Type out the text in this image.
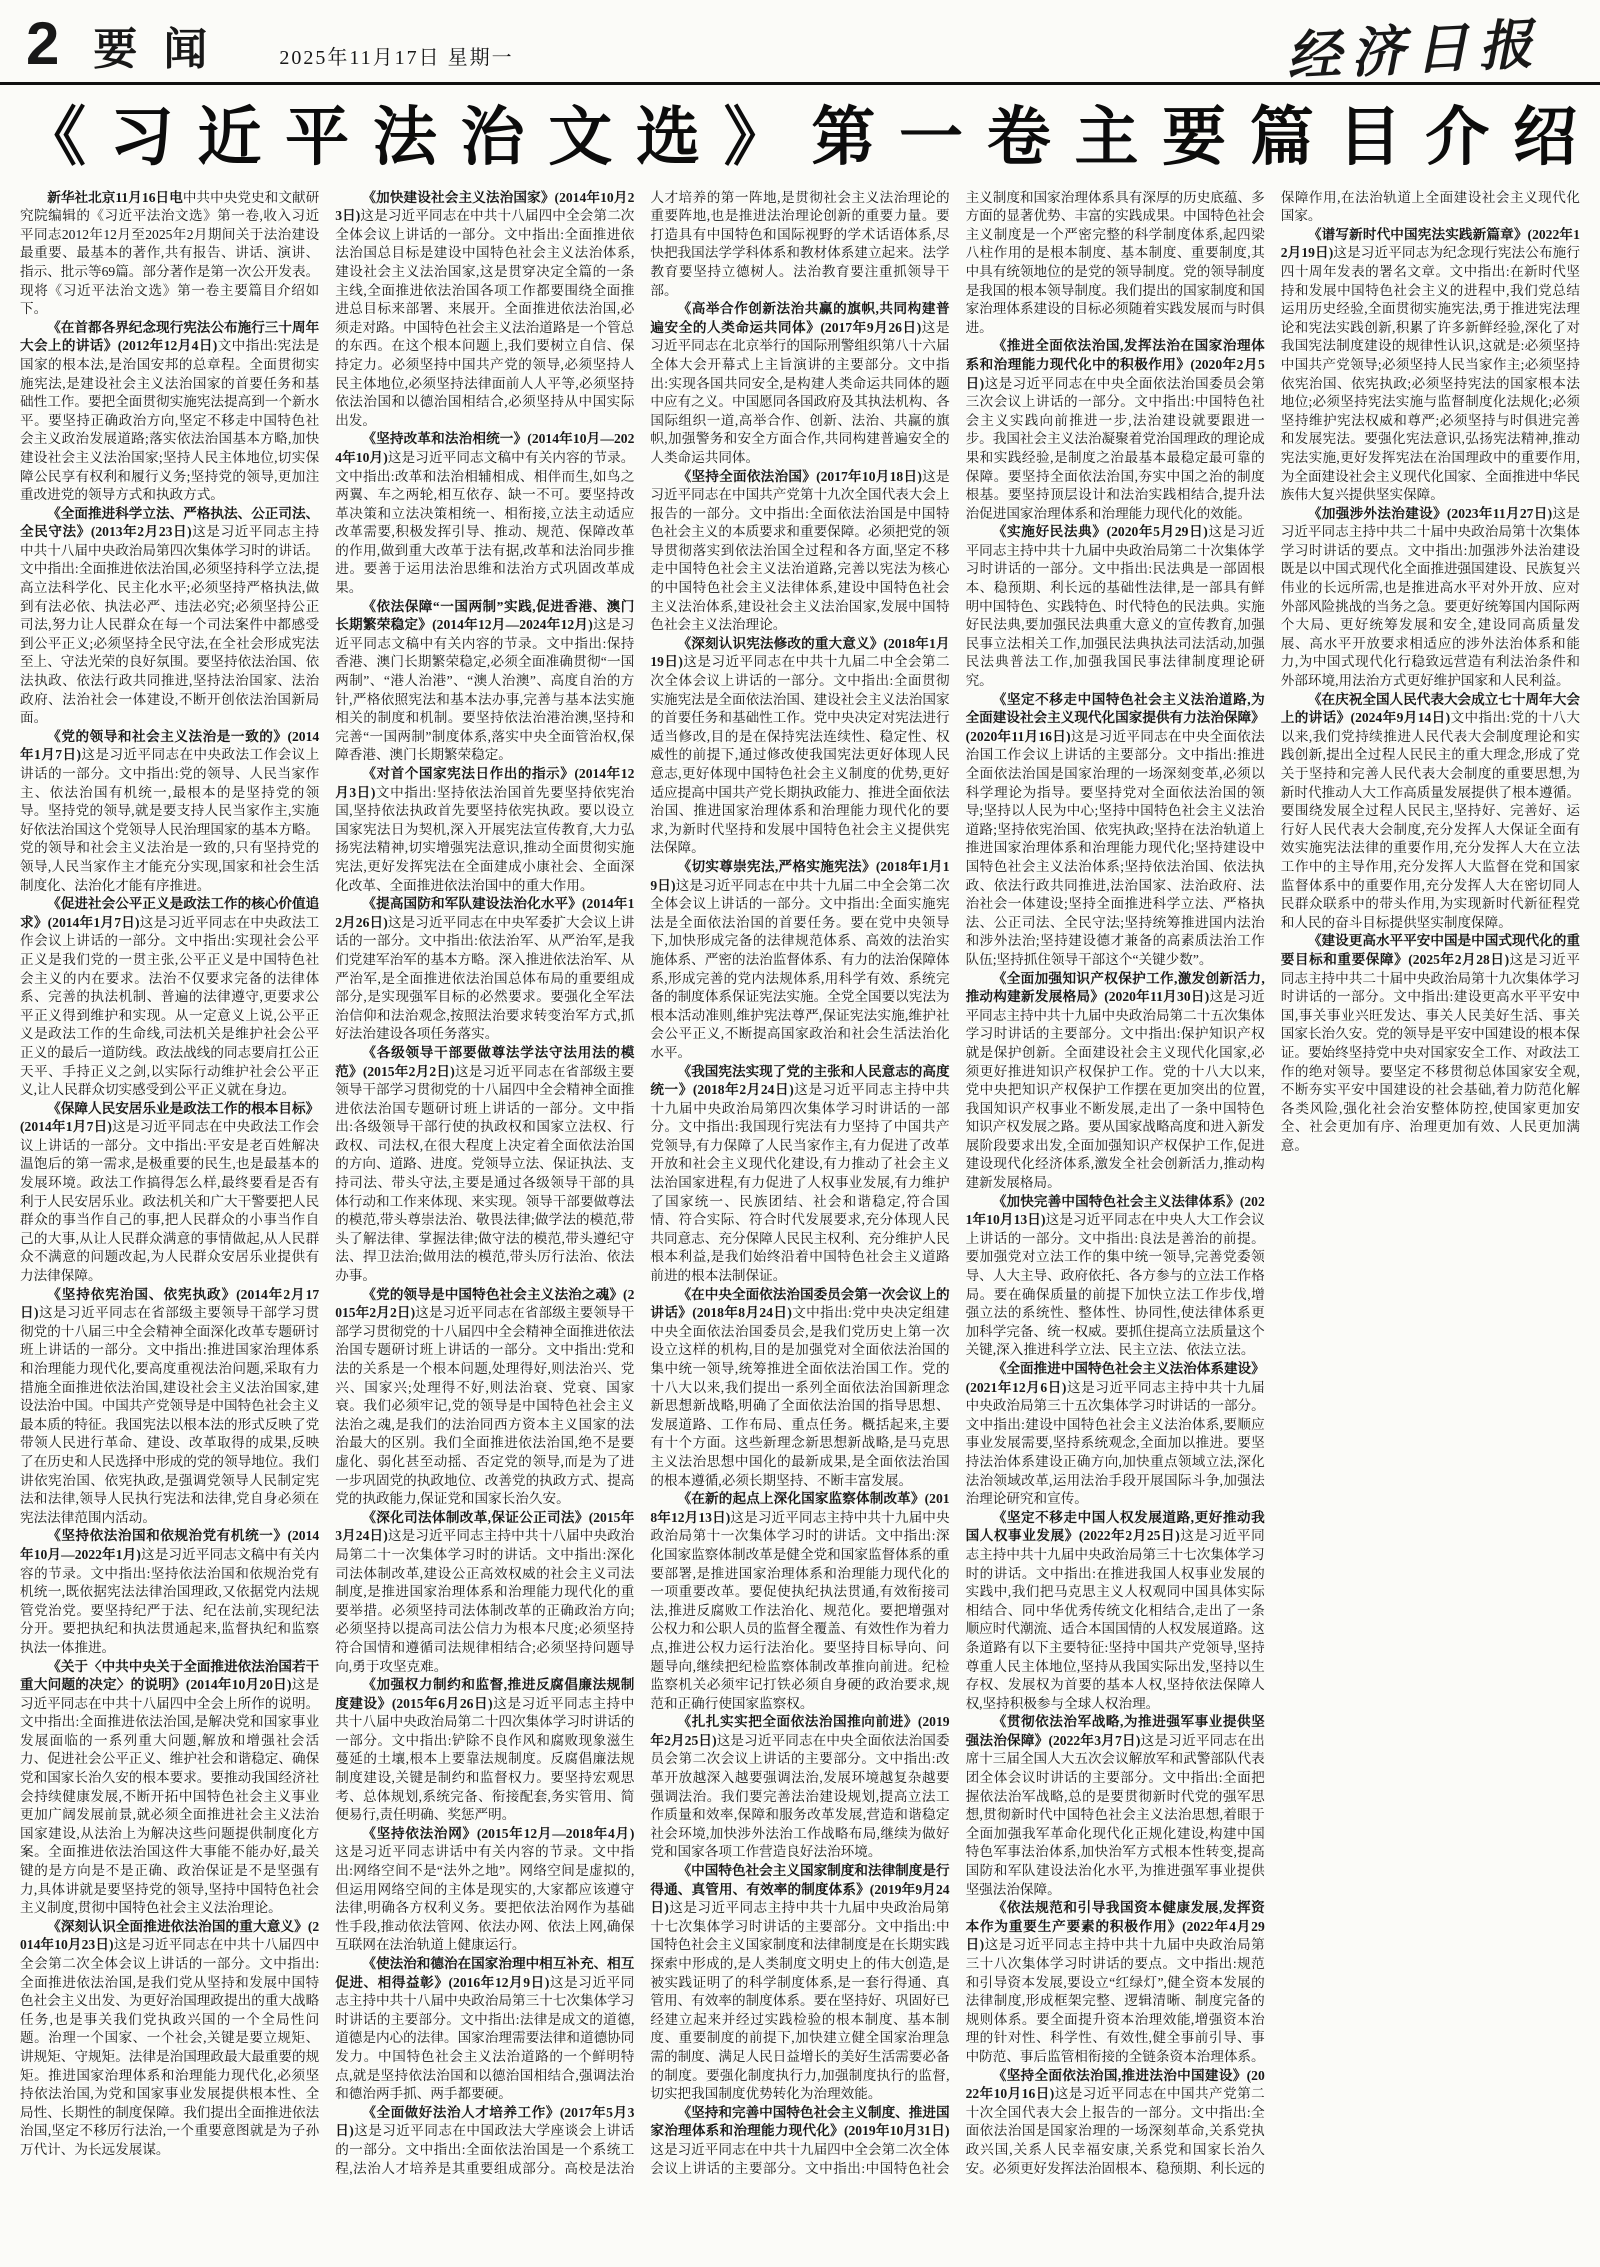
2 要闻 2025年11月17日 星期一	经济日报
《习近平法治文选》第一卷主要篇目介绍

新华社北京11月16日电中共中央党史和文献研究院编辑的《习近平法治文选》第一卷,收入习近平同志2012年12月至2025年2月期间关于法治建设最重要、最基本的著作,共有报告、讲话、演讲、指示、批示等69篇。部分著作是第一次公开发表。现将《习近平法治文选》第一卷主要篇目介绍如下。

《在首都各界纪念现行宪法公布施行三十周年大会上的讲话》(2012年12月4日)文中指出:宪法是国家的根本法,是治国安邦的总章程。全面贯彻实施宪法,是建设社会主义法治国家的首要任务和基础性工作。要把全面贯彻实施宪法提高到一个新水平。要坚持正确政治方向,坚定不移走中国特色社会主义政治发展道路;落实依法治国基本方略,加快建设社会主义法治国家;坚持人民主体地位,切实保障公民享有权利和履行义务;坚持党的领导,更加注重改进党的领导方式和执政方式。

《全面推进科学立法、严格执法、公正司法、全民守法》(2013年2月23日)这是习近平同志主持中共十八届中央政治局第四次集体学习时的讲话。文中指出:全面推进依法治国,必须坚持科学立法,提高立法科学化、民主化水平;必须坚持严格执法,做到有法必依、执法必严、违法必究;必须坚持公正司法,努力让人民群众在每一个司法案件中都感受到公平正义;必须坚持全民守法,在全社会形成宪法至上、守法光荣的良好氛围。要坚持依法治国、依法执政、依法行政共同推进,坚持法治国家、法治政府、法治社会一体建设,不断开创依法治国新局面。

《党的领导和社会主义法治是一致的》(2014年1月7日)这是习近平同志在中央政法工作会议上讲话的一部分。文中指出:党的领导、人民当家作主、依法治国有机统一,最根本的是坚持党的领导。坚持党的领导,就是要支持人民当家作主,实施好依法治国这个党领导人民治理国家的基本方略。党的领导和社会主义法治是一致的,只有坚持党的领导,人民当家作主才能充分实现,国家和社会生活制度化、法治化才能有序推进。

《促进社会公平正义是政法工作的核心价值追求》(2014年1月7日)这是习近平同志在中央政法工作会议上讲话的一部分。文中指出:实现社会公平正义是我们党的一贯主张,公平正义是中国特色社会主义的内在要求。法治不仅要求完备的法律体系、完善的执法机制、普遍的法律遵守,更要求公平正义得到维护和实现。从一定意义上说,公平正义是政法工作的生命线,司法机关是维护社会公平正义的最后一道防线。政法战线的同志要肩扛公正天平、手持正义之剑,以实际行动维护社会公平正义,让人民群众切实感受到公平正义就在身边。

《保障人民安居乐业是政法工作的根本目标》(2014年1月7日)这是习近平同志在中央政法工作会议上讲话的一部分。文中指出:平安是老百姓解决温饱后的第一需求,是极重要的民生,也是最基本的发展环境。政法工作搞得怎么样,最终要看是否有利于人民安居乐业。政法机关和广大干警要把人民群众的事当作自己的事,把人民群众的小事当作自己的大事,从让人民群众满意的事情做起,从人民群众不满意的问题改起,为人民群众安居乐业提供有力法律保障。

《坚持依宪治国、依宪执政》(2014年2月17日)这是习近平同志在省部级主要领导干部学习贯彻党的十八届三中全会精神全面深化改革专题研讨班上讲话的一部分。文中指出:推进国家治理体系和治理能力现代化,要高度重视法治问题,采取有力措施全面推进依法治国,建设社会主义法治国家,建设法治中国。中国共产党领导是中国特色社会主义最本质的特征。我国宪法以根本法的形式反映了党带领人民进行革命、建设、改革取得的成果,反映了在历史和人民选择中形成的党的领导地位。我们讲依宪治国、依宪执政,是强调党领导人民制定宪法和法律,领导人民执行宪法和法律,党自身必须在宪法法律范围内活动。

《坚持依法治国和依规治党有机统一》(2014年10月—2022年1月)这是习近平同志文稿中有关内容的节录。文中指出:坚持依法治国和依规治党有机统一,既依据宪法法律治国理政,又依据党内法规管党治党。要坚持纪严于法、纪在法前,实现纪法分开。要把执纪和执法贯通起来,监督执纪和监察执法一体推进。

《关于〈中共中央关于全面推进依法治国若干重大问题的决定〉的说明》(2014年10月20日)这是习近平同志在中共十八届四中全会上所作的说明。文中指出:全面推进依法治国,是解决党和国家事业发展面临的一系列重大问题,解放和增强社会活力、促进社会公平正义、维护社会和谐稳定、确保党和国家长治久安的根本要求。要推动我国经济社会持续健康发展,不断开拓中国特色社会主义事业更加广阔发展前景,就必须全面推进社会主义法治国家建设,从法治上为解决这些问题提供制度化方案。全面推进依法治国这件大事能不能办好,最关键的是方向是不是正确、政治保证是不是坚强有力,具体讲就是要坚持党的领导,坚持中国特色社会主义制度,贯彻中国特色社会主义法治理论。

《深刻认识全面推进依法治国的重大意义》(2014年10月23日)这是习近平同志在中共十八届四中全会第二次全体会议上讲话的一部分。文中指出:全面推进依法治国,是我们党从坚持和发展中国特色社会主义出发、为更好治国理政提出的重大战略任务,也是事关我们党执政兴国的一个全局性问题。治理一个国家、一个社会,关键是要立规矩、讲规矩、守规矩。法律是治国理政最大最重要的规矩。推进国家治理体系和治理能力现代化,必须坚持依法治国,为党和国家事业发展提供根本性、全局性、长期性的制度保障。我们提出全面推进依法治国,坚定不移厉行法治,一个重要意图就是为子孙万代计、为长远发展谋。

《加快建设社会主义法治国家》(2014年10月23日)这是习近平同志在中共十八届四中全会第二次全体会议上讲话的一部分。文中指出:全面推进依法治国总目标是建设中国特色社会主义法治体系,建设社会主义法治国家,这是贯穿决定全篇的一条主线,全面推进依法治国各项工作都要围绕全面推进总目标来部署、来展开。全面推进依法治国,必须走对路。中国特色社会主义法治道路是一个管总的东西。在这个根本问题上,我们要树立自信、保持定力。必须坚持中国共产党的领导,必须坚持人民主体地位,必须坚持法律面前人人平等,必须坚持依法治国和以德治国相结合,必须坚持从中国实际出发。

《坚持改革和法治相统一》(2014年10月—2024年10月)这是习近平同志文稿中有关内容的节录。文中指出:改革和法治相辅相成、相伴而生,如鸟之两翼、车之两轮,相互依存、缺一不可。要坚持改革决策和立法决策相统一、相衔接,立法主动适应改革需要,积极发挥引导、推动、规范、保障改革的作用,做到重大改革于法有据,改革和法治同步推进。要善于运用法治思维和法治方式巩固改革成果。

《依法保障“一国两制”实践,促进香港、澳门长期繁荣稳定》(2014年12月—2024年12月)这是习近平同志文稿中有关内容的节录。文中指出:保持香港、澳门长期繁荣稳定,必须全面准确贯彻“一国两制”、“港人治港”、“澳人治澳”、高度自治的方针,严格依照宪法和基本法办事,完善与基本法实施相关的制度和机制。要坚持依法治港治澳,坚持和完善“一国两制”制度体系,落实中央全面管治权,保障香港、澳门长期繁荣稳定。

《对首个国家宪法日作出的指示》(2014年12月3日)文中指出:坚持依法治国首先要坚持依宪治国,坚持依法执政首先要坚持依宪执政。要以设立国家宪法日为契机,深入开展宪法宣传教育,大力弘扬宪法精神,切实增强宪法意识,推动全面贯彻实施宪法,更好发挥宪法在全面建成小康社会、全面深化改革、全面推进依法治国中的重大作用。

《提高国防和军队建设法治化水平》(2014年12月26日)这是习近平同志在中央军委扩大会议上讲话的一部分。文中指出:依法治军、从严治军,是我们党建军治军的基本方略。深入推进依法治军、从严治军,是全面推进依法治国总体布局的重要组成部分,是实现强军目标的必然要求。要强化全军法治信仰和法治观念,按照法治要求转变治军方式,抓好法治建设各项任务落实。

《各级领导干部要做尊法学法守法用法的模范》(2015年2月2日)这是习近平同志在省部级主要领导干部学习贯彻党的十八届四中全会精神全面推进依法治国专题研讨班上讲话的一部分。文中指出:各级领导干部行使的执政权和国家立法权、行政权、司法权,在很大程度上决定着全面依法治国的方向、道路、进度。党领导立法、保证执法、支持司法、带头守法,主要是通过各级领导干部的具体行动和工作来体现、来实现。领导干部要做尊法的模范,带头尊崇法治、敬畏法律;做学法的模范,带头了解法律、掌握法律;做守法的模范,带头遵纪守法、捍卫法治;做用法的模范,带头厉行法治、依法办事。

《党的领导是中国特色社会主义法治之魂》(2015年2月2日)这是习近平同志在省部级主要领导干部学习贯彻党的十八届四中全会精神全面推进依法治国专题研讨班上讲话的一部分。文中指出:党和法的关系是一个根本问题,处理得好,则法治兴、党兴、国家兴;处理得不好,则法治衰、党衰、国家衰。我们必须牢记,党的领导是中国特色社会主义法治之魂,是我们的法治同西方资本主义国家的法治最大的区别。我们全面推进依法治国,绝不是要虚化、弱化甚至动摇、否定党的领导,而是为了进一步巩固党的执政地位、改善党的执政方式、提高党的执政能力,保证党和国家长治久安。

《深化司法体制改革,保证公正司法》(2015年3月24日)这是习近平同志主持中共十八届中央政治局第二十一次集体学习时的讲话。文中指出:深化司法体制改革,建设公正高效权威的社会主义司法制度,是推进国家治理体系和治理能力现代化的重要举措。必须坚持司法体制改革的正确政治方向;必须坚持以提高司法公信力为根本尺度;必须坚持符合国情和遵循司法规律相结合;必须坚持问题导向,勇于攻坚克难。

《加强权力制约和监督,推进反腐倡廉法规制度建设》(2015年6月26日)这是习近平同志主持中共十八届中央政治局第二十四次集体学习时讲话的一部分。文中指出:铲除不良作风和腐败现象滋生蔓延的土壤,根本上要靠法规制度。反腐倡廉法规制度建设,关键是制约和监督权力。要坚持宏观思考、总体规划,系统完备、衔接配套,务实管用、简便易行,责任明确、奖惩严明。

《坚持依法治网》(2015年12月—2018年4月)这是习近平同志讲话中有关内容的节录。文中指出:网络空间不是“法外之地”。网络空间是虚拟的,但运用网络空间的主体是现实的,大家都应该遵守法律,明确各方权利义务。要把依法治网作为基础性手段,推动依法管网、依法办网、依法上网,确保互联网在法治轨道上健康运行。

《使法治和德治在国家治理中相互补充、相互促进、相得益彰》(2016年12月9日)这是习近平同志主持中共十八届中央政治局第三十七次集体学习时讲话的主要部分。文中指出:法律是成文的道德,道德是内心的法律。国家治理需要法律和道德协同发力。中国特色社会主义法治道路的一个鲜明特点,就是坚持依法治国和以德治国相结合,强调法治和德治两手抓、两手都要硬。

《全面做好法治人才培养工作》(2017年5月3日)这是习近平同志在中国政法大学座谈会上讲话的一部分。文中指出:全面依法治国是一个系统工程,法治人才培养是其重要组成部分。高校是法治人才培养的第一阵地,是贯彻社会主义法治理论的重要阵地,也是推进法治理论创新的重要力量。要打造具有中国特色和国际视野的学术话语体系,尽快把我国法学学科体系和教材体系建立起来。法学教育要坚持立德树人。法治教育要注重抓领导干部。

《高举合作创新法治共赢的旗帜,共同构建普遍安全的人类命运共同体》(2017年9月26日)这是习近平同志在北京举行的国际刑警组织第八十六届全体大会开幕式上主旨演讲的主要部分。文中指出:实现各国共同安全,是构建人类命运共同体的题中应有之义。中国愿同各国政府及其执法机构、各国际组织一道,高举合作、创新、法治、共赢的旗帜,加强警务和安全方面合作,共同构建普遍安全的人类命运共同体。

《坚持全面依法治国》(2017年10月18日)这是习近平同志在中国共产党第十九次全国代表大会上报告的一部分。文中指出:全面依法治国是中国特色社会主义的本质要求和重要保障。必须把党的领导贯彻落实到依法治国全过程和各方面,坚定不移走中国特色社会主义法治道路,完善以宪法为核心的中国特色社会主义法律体系,建设中国特色社会主义法治体系,建设社会主义法治国家,发展中国特色社会主义法治理论。

《深刻认识宪法修改的重大意义》(2018年1月19日)这是习近平同志在中共十九届二中全会第二次全体会议上讲话的一部分。文中指出:全面贯彻实施宪法是全面依法治国、建设社会主义法治国家的首要任务和基础性工作。党中央决定对宪法进行适当修改,目的是在保持宪法连续性、稳定性、权威性的前提下,通过修改使我国宪法更好体现人民意志,更好体现中国特色社会主义制度的优势,更好适应提高中国共产党长期执政能力、推进全面依法治国、推进国家治理体系和治理能力现代化的要求,为新时代坚持和发展中国特色社会主义提供宪法保障。

《切实尊崇宪法,严格实施宪法》(2018年1月19日)这是习近平同志在中共十九届二中全会第二次全体会议上讲话的一部分。文中指出:全面实施宪法是全面依法治国的首要任务。要在党中央领导下,加快形成完备的法律规范体系、高效的法治实施体系、严密的法治监督体系、有力的法治保障体系,形成完善的党内法规体系,用科学有效、系统完备的制度体系保证宪法实施。全党全国要以宪法为根本活动准则,维护宪法尊严,保证宪法实施,维护社会公平正义,不断提高国家政治和社会生活法治化水平。

《我国宪法实现了党的主张和人民意志的高度统一》(2018年2月24日)这是习近平同志主持中共十九届中央政治局第四次集体学习时讲话的一部分。文中指出:我国现行宪法有力坚持了中国共产党领导,有力保障了人民当家作主,有力促进了改革开放和社会主义现代化建设,有力推动了社会主义法治国家进程,有力促进了人权事业发展,有力维护了国家统一、民族团结、社会和谐稳定,符合国情、符合实际、符合时代发展要求,充分体现人民共同意志、充分保障人民民主权利、充分维护人民根本利益,是我们始终沿着中国特色社会主义道路前进的根本法制保证。

《在中央全面依法治国委员会第一次会议上的讲话》(2018年8月24日)文中指出:党中央决定组建中央全面依法治国委员会,是我们党历史上第一次设立这样的机构,目的是加强党对全面依法治国的集中统一领导,统筹推进全面依法治国工作。党的十八大以来,我们提出一系列全面依法治国新理念新思想新战略,明确了全面依法治国的指导思想、发展道路、工作布局、重点任务。概括起来,主要有十个方面。这些新理念新思想新战略,是马克思主义法治思想中国化的最新成果,是全面依法治国的根本遵循,必须长期坚持、不断丰富发展。

《在新的起点上深化国家监察体制改革》(2018年12月13日)这是习近平同志主持中共十九届中央政治局第十一次集体学习时的讲话。文中指出:深化国家监察体制改革是健全党和国家监督体系的重要部署,是推进国家治理体系和治理能力现代化的一项重要改革。要促使执纪执法贯通,有效衔接司法,推进反腐败工作法治化、规范化。要把增强对公权力和公职人员的监督全覆盖、有效性作为着力点,推进公权力运行法治化。要坚持目标导向、问题导向,继续把纪检监察体制改革推向前进。纪检监察机关必须牢记打铁必须自身硬的政治要求,规范和正确行使国家监察权。

《扎扎实实把全面依法治国推向前进》(2019年2月25日)这是习近平同志在中央全面依法治国委员会第二次会议上讲话的主要部分。文中指出:改革开放越深入越要强调法治,发展环境越复杂越要强调法治。我们要完善法治建设规划,提高立法工作质量和效率,保障和服务改革发展,营造和谐稳定社会环境,加快涉外法治工作战略布局,继续为做好党和国家各项工作营造良好法治环境。

《中国特色社会主义国家制度和法律制度是行得通、真管用、有效率的制度体系》(2019年9月24日)这是习近平同志主持中共十九届中央政治局第十七次集体学习时讲话的主要部分。文中指出:中国特色社会主义国家制度和法律制度是在长期实践探索中形成的,是人类制度文明史上的伟大创造,是被实践证明了的科学制度体系,是一套行得通、真管用、有效率的制度体系。要在坚持好、巩固好已经建立起来并经过实践检验的根本制度、基本制度、重要制度的前提下,加快建立健全国家治理急需的制度、满足人民日益增长的美好生活需要必备的制度。要强化制度执行力,加强制度执行的监督,切实把我国制度优势转化为治理效能。

《坚持和完善中国特色社会主义制度、推进国家治理体系和治理能力现代化》(2019年10月31日)这是习近平同志在中共十九届四中全会第二次全体会议上讲话的主要部分。文中指出:中国特色社会主义制度和国家治理体系具有深厚的历史底蕴、多方面的显著优势、丰富的实践成果。中国特色社会主义制度是一个严密完整的科学制度体系,起四梁八柱作用的是根本制度、基本制度、重要制度,其中具有统领地位的是党的领导制度。党的领导制度是我国的根本领导制度。我们提出的国家制度和国家治理体系建设的目标必须随着实践发展而与时俱进。

《推进全面依法治国,发挥法治在国家治理体系和治理能力现代化中的积极作用》(2020年2月5日)这是习近平同志在中央全面依法治国委员会第三次会议上讲话的一部分。文中指出:中国特色社会主义实践向前推进一步,法治建设就要跟进一步。我国社会主义法治凝聚着党治国理政的理论成果和实践经验,是制度之治最基本最稳定最可靠的保障。要坚持全面依法治国,夯实中国之治的制度根基。要坚持顶层设计和法治实践相结合,提升法治促进国家治理体系和治理能力现代化的效能。

《实施好民法典》(2020年5月29日)这是习近平同志主持中共十九届中央政治局第二十次集体学习时讲话的一部分。文中指出:民法典是一部固根本、稳预期、利长远的基础性法律,是一部具有鲜明中国特色、实践特色、时代特色的民法典。实施好民法典,要加强民法典重大意义的宣传教育,加强民事立法相关工作,加强民法典执法司法活动,加强民法典普法工作,加强我国民事法律制度理论研究。

《坚定不移走中国特色社会主义法治道路,为全面建设社会主义现代化国家提供有力法治保障》(2020年11月16日)这是习近平同志在中央全面依法治国工作会议上讲话的主要部分。文中指出:推进全面依法治国是国家治理的一场深刻变革,必须以科学理论为指导。要坚持党对全面依法治国的领导;坚持以人民为中心;坚持中国特色社会主义法治道路;坚持依宪治国、依宪执政;坚持在法治轨道上推进国家治理体系和治理能力现代化;坚持建设中国特色社会主义法治体系;坚持依法治国、依法执政、依法行政共同推进,法治国家、法治政府、法治社会一体建设;坚持全面推进科学立法、严格执法、公正司法、全民守法;坚持统筹推进国内法治和涉外法治;坚持建设德才兼备的高素质法治工作队伍;坚持抓住领导干部这个“关键少数”。

《全面加强知识产权保护工作,激发创新活力,推动构建新发展格局》(2020年11月30日)这是习近平同志主持中共十九届中央政治局第二十五次集体学习时讲话的主要部分。文中指出:保护知识产权就是保护创新。全面建设社会主义现代化国家,必须更好推进知识产权保护工作。党的十八大以来,党中央把知识产权保护工作摆在更加突出的位置,我国知识产权事业不断发展,走出了一条中国特色知识产权发展之路。要从国家战略高度和进入新发展阶段要求出发,全面加强知识产权保护工作,促进建设现代化经济体系,激发全社会创新活力,推动构建新发展格局。

《加快完善中国特色社会主义法律体系》(2021年10月13日)这是习近平同志在中央人大工作会议上讲话的一部分。文中指出:良法是善治的前提。要加强党对立法工作的集中统一领导,完善党委领导、人大主导、政府依托、各方参与的立法工作格局。要在确保质量的前提下加快立法工作步伐,增强立法的系统性、整体性、协同性,使法律体系更加科学完备、统一权威。要抓住提高立法质量这个关键,深入推进科学立法、民主立法、依法立法。

《全面推进中国特色社会主义法治体系建设》(2021年12月6日)这是习近平同志主持中共十九届中央政治局第三十五次集体学习时讲话的一部分。文中指出:建设中国特色社会主义法治体系,要顺应事业发展需要,坚持系统观念,全面加以推进。要坚持法治体系建设正确方向,加快重点领域立法,深化法治领域改革,运用法治手段开展国际斗争,加强法治理论研究和宣传。

《坚定不移走中国人权发展道路,更好推动我国人权事业发展》(2022年2月25日)这是习近平同志主持中共十九届中央政治局第三十七次集体学习时的讲话。文中指出:在推进我国人权事业发展的实践中,我们把马克思主义人权观同中国具体实际相结合、同中华优秀传统文化相结合,走出了一条顺应时代潮流、适合本国国情的人权发展道路。这条道路有以下主要特征:坚持中国共产党领导,坚持尊重人民主体地位,坚持从我国实际出发,坚持以生存权、发展权为首要的基本人权,坚持依法保障人权,坚持积极参与全球人权治理。

《贯彻依法治军战略,为推进强军事业提供坚强法治保障》(2022年3月7日)这是习近平同志在出席十三届全国人大五次会议解放军和武警部队代表团全体会议时讲话的主要部分。文中指出:全面把握依法治军战略,总的是要贯彻新时代党的强军思想,贯彻新时代中国特色社会主义法治思想,着眼于全面加强我军革命化现代化正规化建设,构建中国特色军事法治体系,加快治军方式根本性转变,提高国防和军队建设法治化水平,为推进强军事业提供坚强法治保障。

《依法规范和引导我国资本健康发展,发挥资本作为重要生产要素的积极作用》(2022年4月29日)这是习近平同志主持中共十九届中央政治局第三十八次集体学习时讲话的要点。文中指出:规范和引导资本发展,要设立“红绿灯”,健全资本发展的法律制度,形成框架完整、逻辑清晰、制度完备的规则体系。要全面提升资本治理效能,增强资本治理的针对性、科学性、有效性,健全事前引导、事中防范、事后监管相衔接的全链条资本治理体系。

《坚持全面依法治国,推进法治中国建设》(2022年10月16日)这是习近平同志在中国共产党第二十次全国代表大会上报告的一部分。文中指出:全面依法治国是国家治理的一场深刻革命,关系党执政兴国,关系人民幸福安康,关系党和国家长治久安。必须更好发挥法治固根本、稳预期、利长远的保障作用,在法治轨道上全面建设社会主义现代化国家。

《谱写新时代中国宪法实践新篇章》(2022年12月19日)这是习近平同志为纪念现行宪法公布施行四十周年发表的署名文章。文中指出:在新时代坚持和发展中国特色社会主义的进程中,我们党总结运用历史经验,全面贯彻实施宪法,勇于推进宪法理论和宪法实践创新,积累了许多新鲜经验,深化了对我国宪法制度建设的规律性认识,这就是:必须坚持中国共产党领导;必须坚持人民当家作主;必须坚持依宪治国、依宪执政;必须坚持宪法的国家根本法地位;必须坚持宪法实施与监督制度化法规化;必须坚持维护宪法权威和尊严;必须坚持与时俱进完善和发展宪法。要强化宪法意识,弘扬宪法精神,推动宪法实施,更好发挥宪法在治国理政中的重要作用,为全面建设社会主义现代化国家、全面推进中华民族伟大复兴提供坚实保障。

《加强涉外法治建设》(2023年11月27日)这是习近平同志主持中共二十届中央政治局第十次集体学习时讲话的要点。文中指出:加强涉外法治建设既是以中国式现代化全面推进强国建设、民族复兴伟业的长远所需,也是推进高水平对外开放、应对外部风险挑战的当务之急。要更好统筹国内国际两个大局、更好统筹发展和安全,建设同高质量发展、高水平开放要求相适应的涉外法治体系和能力,为中国式现代化行稳致远营造有利法治条件和外部环境,用法治方式更好维护国家和人民利益。

《在庆祝全国人民代表大会成立七十周年大会上的讲话》(2024年9月14日)文中指出:党的十八大以来,我们党持续推进人民代表大会制度理论和实践创新,提出全过程人民民主的重大理念,形成了党关于坚持和完善人民代表大会制度的重要思想,为新时代推动人大工作高质量发展提供了根本遵循。要围绕发展全过程人民民主,坚持好、完善好、运行好人民代表大会制度,充分发挥人大保证全面有效实施宪法法律的重要作用,充分发挥人大在立法工作中的主导作用,充分发挥人大监督在党和国家监督体系中的重要作用,充分发挥人大在密切同人民群众联系中的带头作用,为实现新时代新征程党和人民的奋斗目标提供坚实制度保障。

《建设更高水平平安中国是中国式现代化的重要目标和重要保障》(2025年2月28日)这是习近平同志主持中共二十届中央政治局第十九次集体学习时讲话的一部分。文中指出:建设更高水平平安中国,事关事业兴旺发达、事关人民美好生活、事关国家长治久安。党的领导是平安中国建设的根本保证。要始终坚持党中央对国家安全工作、对政法工作的绝对领导。要坚定不移贯彻总体国家安全观,不断夯实平安中国建设的社会基础,着力防范化解各类风险,强化社会治安整体防控,使国家更加安全、社会更加有序、治理更加有效、人民更加满意。
